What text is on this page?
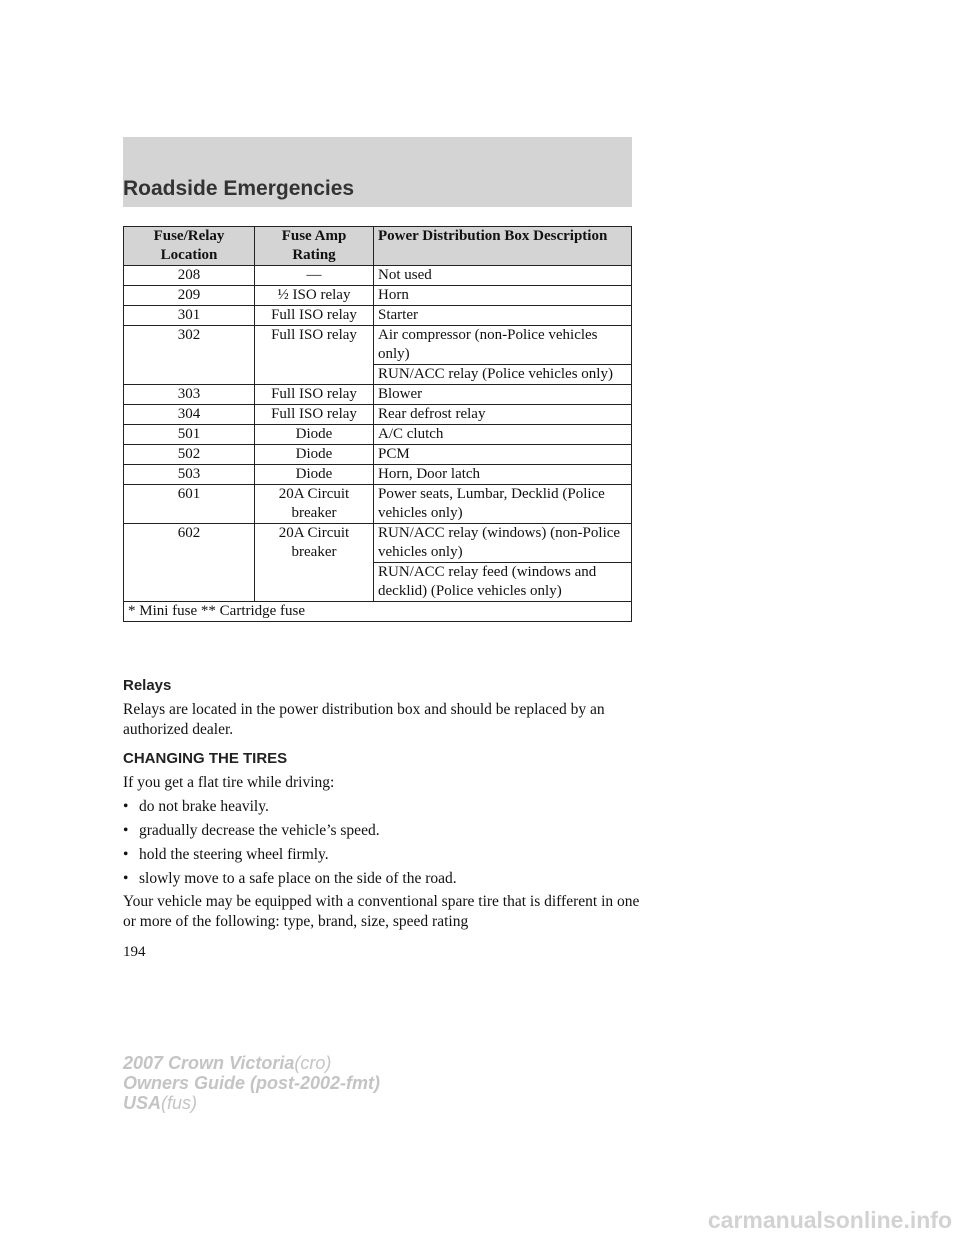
Roadside Emergencies
Fuse/Relay Location	Fuse Amp Rating	Power Distribution Box Description
208	—	Not used
209	½ ISO relay	Horn
301	Full ISO relay	Starter
302	Full ISO relay	Air compressor (non-Police vehicles only)
		RUN/ACC relay (Police vehicles only)
303	Full ISO relay	Blower
304	Full ISO relay	Rear defrost relay
501	Diode	A/C clutch
502	Diode	PCM
503	Diode	Horn, Door latch
601	20A Circuit breaker	Power seats, Lumbar, Decklid (Police vehicles only)
602	20A Circuit breaker	RUN/ACC relay (windows) (non-Police vehicles only)
		RUN/ACC relay feed (windows and decklid) (Police vehicles only)
* Mini fuse ** Cartridge fuse		
Relays
Relays are located in the power distribution box and should be replaced by an authorized dealer.
CHANGING THE TIRES
If you get a flat tire while driving:
• do not brake heavily.
• gradually decrease the vehicle’s speed.
• hold the steering wheel firmly.
• slowly move to a safe place on the side of the road.
Your vehicle may be equipped with a conventional spare tire that is different in one or more of the following: type, brand, size, speed rating
194
2007 Crown Victoria(cro)
Owners Guide (post-2002-fmt)
USA(fus)
carmanualsonline.info
